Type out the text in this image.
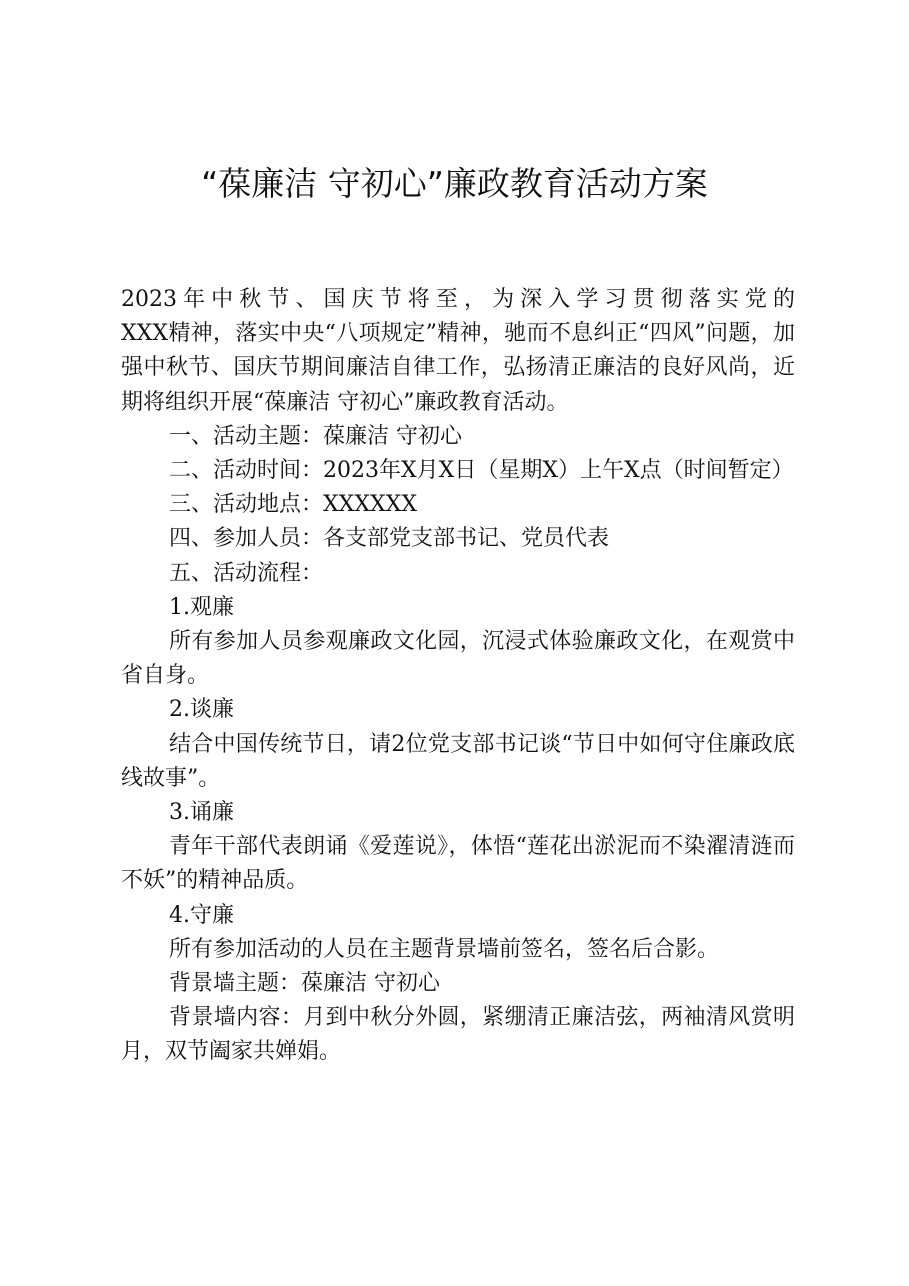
“葆廉洁 守初心”廉政教育活动方案

2023年中秋节、国庆节将至，为深入学习贯彻落实党的

XXX精神，落实中央“八项规定”精神，驰而不息纠正“四风”问题，加强中秋节、国庆节期间廉洁自律工作，弘扬清正廉洁的良好风尚，近期将组织开展“葆廉洁 守初心”廉政教育活动。

一、活动主题：葆廉洁 守初心

二、活动时间：2023年X月X日（星期X）上午X点（时间暂定）

三、活动地点：XXXXXX

四、参加人员：各支部党支部书记、党员代表

五、活动流程：

1.观廉

所有参加人员参观廉政文化园，沉浸式体验廉政文化，在观赏中省自身。

2.谈廉

结合中国传统节日，请2位党支部书记谈“节日中如何守住廉政底线故事”。

3.诵廉

青年干部代表朗诵《爱莲说》，体悟“莲花出淤泥而不染濯清涟而不妖”的精神品质。

4.守廉

所有参加活动的人员在主题背景墙前签名，签名后合影。

背景墙主题：葆廉洁 守初心

背景墙内容：月到中秋分外圆，紧绷清正廉洁弦，两袖清风赏明月，双节阖家共婵娟。
